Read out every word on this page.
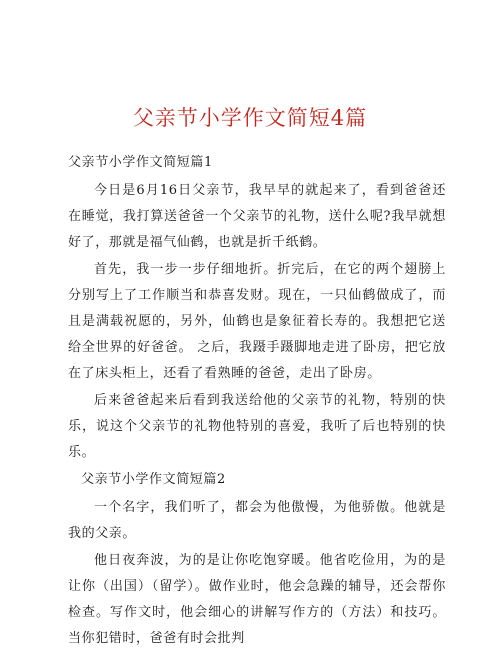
父亲节小学作文简短4篇

父亲节小学作文简短篇1

今日是6月16日父亲节，我早早的就起来了，看到爸爸还在睡觉，我打算送爸爸一个父亲节的礼物，送什么呢?我早就想好了，那就是福气仙鹤，也就是折千纸鹤。

首先，我一步一步仔细地折。折完后，在它的两个翅膀上分别写上了工作顺当和恭喜发财。现在，一只仙鹤做成了，而且是满载祝愿的，另外，仙鹤也是象征着长寿的。我想把它送给全世界的好爸爸。 之后，我蹑手蹑脚地走进了卧房，把它放在了床头柜上，还看了看熟睡的爸爸，走出了卧房。

后来爸爸起来后看到我送给他的父亲节的礼物，特别的快乐，说这个父亲节的礼物他特别的喜爱，我听了后也特别的快乐。

父亲节小学作文简短篇2

一个名字，我们听了，都会为他傲慢，为他骄傲。他就是我的父亲。

他日夜奔波，为的是让你吃饱穿暖。他省吃俭用，为的是让你（出国）（留学）。做作业时，他会急躁的辅导，还会帮你检查。写作文时，他会细心的讲解写作方的（方法）和技巧。当你犯错时，爸爸有时会批判
